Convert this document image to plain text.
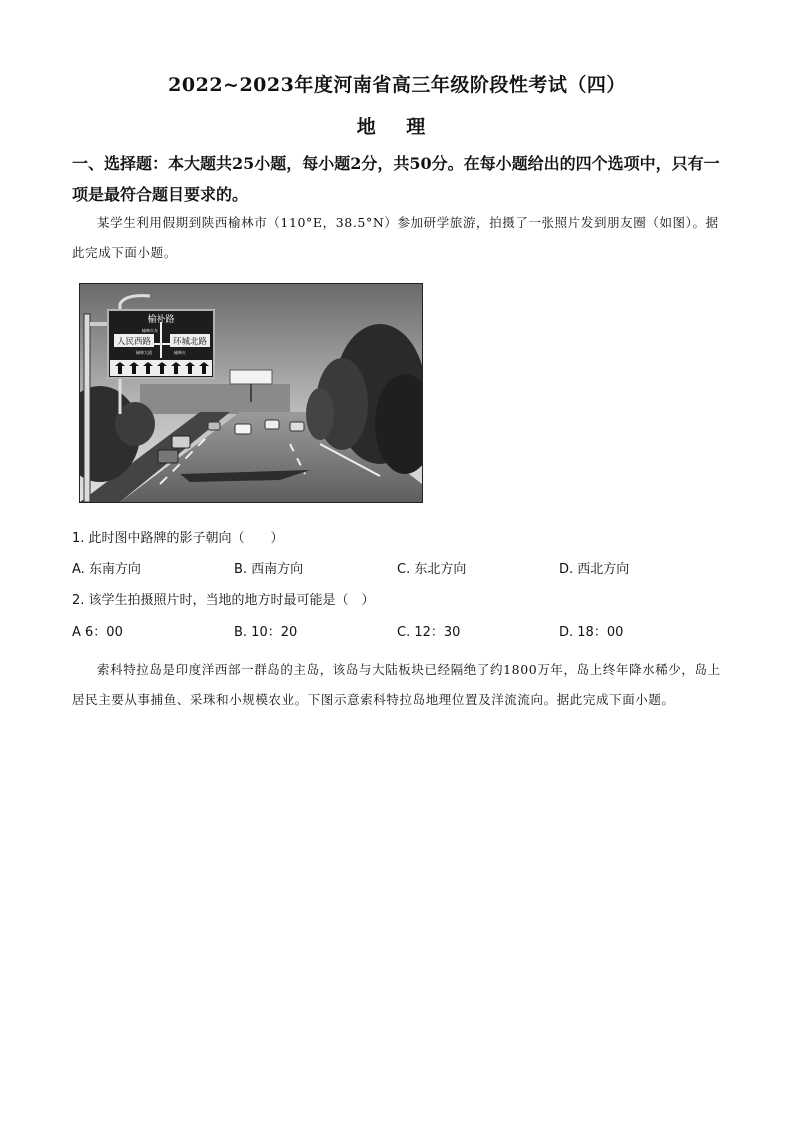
2022~2023年度河南省高三年级阶段性考试（四）
地 理
一、选择题：本大题共25小题，每小题2分，共50分。在每小题给出的四个选项中，只有一项是最符合题目要求的。
某学生利用假期到陕西榆林市（110°E，38.5°N）参加研学旅游，拍摄了一张照片发到朋友圈（如图）。据此完成下面小题。
榆补路
人民西路	环城北路
榆林火车
榆林大道	榆林火
1. 此时图中路牌的影子朝向（　　）
A. 东南方向	B. 西南方向	C. 东北方向	D. 西北方向
2. 该学生拍摄照片时，当地的地方时最可能是（　）
A 6：00	B. 10：20	C. 12：30	D. 18：00
索科特拉岛是印度洋西部一群岛的主岛，该岛与大陆板块已经隔绝了约1800万年，岛上终年降水稀少，岛上居民主要从事捕鱼、采珠和小规模农业。下图示意索科特拉岛地理位置及洋流流向。据此完成下面小题。
